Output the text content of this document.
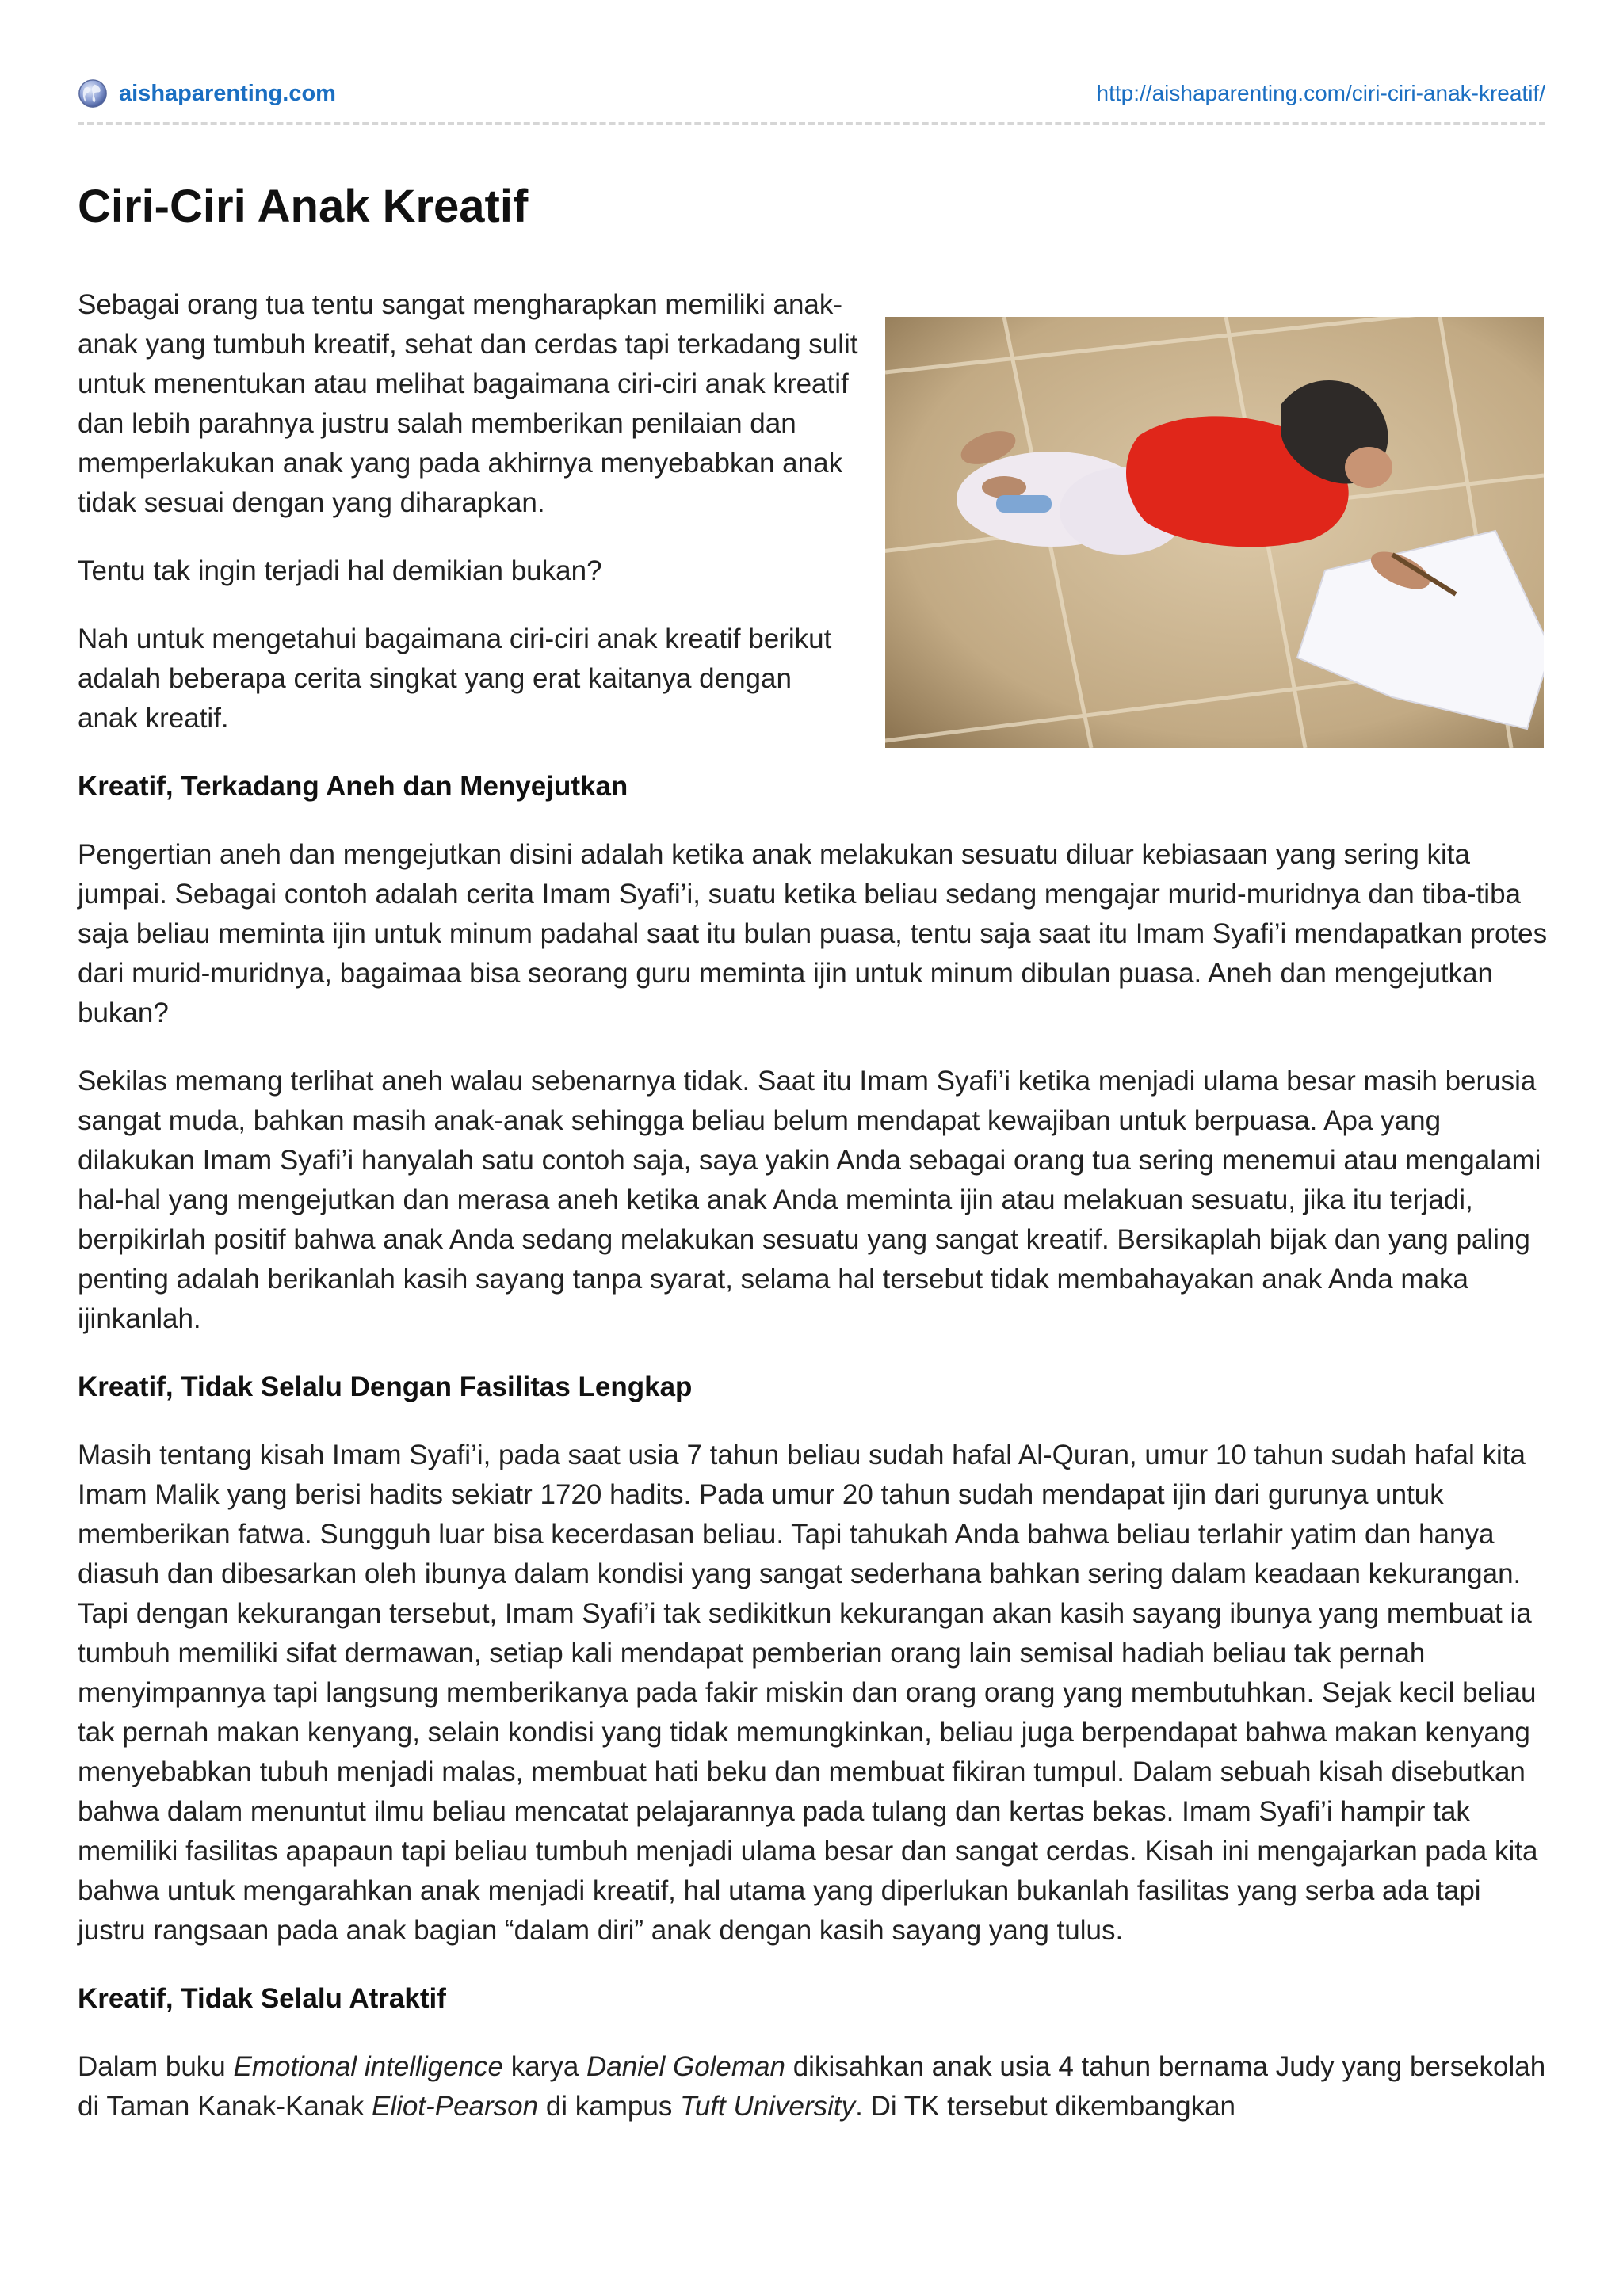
aishaparenting.com	http://aishaparenting.com/ciri-ciri-anak-kreatif/
Ciri-Ciri Anak Kreatif

Sebagai orang tua tentu sangat mengharapkan memiliki anak-anak yang tumbuh kreatif, sehat dan cerdas tapi terkadang sulit untuk menentukan atau melihat bagaimana ciri-ciri anak kreatif dan lebih parahnya justru salah memberikan penilaian dan memperlakukan anak yang pada akhirnya menyebabkan anak tidak sesuai dengan yang diharapkan.

Tentu tak ingin terjadi hal demikian bukan?

Nah untuk mengetahui bagaimana ciri-ciri anak kreatif berikut adalah beberapa cerita singkat yang erat kaitanya dengan anak kreatif.

Kreatif, Terkadang Aneh dan Menyejutkan

Pengertian aneh dan mengejutkan disini adalah ketika anak melakukan sesuatu diluar kebiasaan yang sering kita jumpai. Sebagai contoh adalah cerita Imam Syafi’i, suatu ketika beliau sedang mengajar murid-muridnya dan tiba-tiba saja beliau meminta ijin untuk minum padahal saat itu bulan puasa, tentu saja saat itu Imam Syafi’i mendapatkan protes dari murid-muridnya, bagaimaa bisa seorang guru meminta ijin untuk minum dibulan puasa. Aneh dan mengejutkan bukan?

Sekilas memang terlihat aneh walau sebenarnya tidak. Saat itu Imam Syafi’i ketika menjadi ulama besar masih berusia sangat muda, bahkan masih anak-anak sehingga beliau belum mendapat kewajiban untuk berpuasa. Apa yang dilakukan Imam Syafi’i hanyalah satu contoh saja, saya yakin Anda sebagai orang tua sering menemui atau mengalami hal-hal yang mengejutkan dan merasa aneh ketika anak Anda meminta ijin atau melakuan sesuatu, jika itu terjadi, berpikirlah positif bahwa anak Anda sedang melakukan sesuatu yang sangat kreatif. Bersikaplah bijak dan yang paling penting adalah berikanlah kasih sayang tanpa syarat, selama hal tersebut tidak membahayakan anak Anda maka ijinkanlah.

Kreatif, Tidak Selalu Dengan Fasilitas Lengkap

Masih tentang kisah Imam Syafi’i, pada saat usia 7 tahun beliau sudah hafal Al-Quran, umur 10 tahun sudah hafal kita Imam Malik yang berisi hadits sekiatr 1720 hadits. Pada umur 20 tahun sudah mendapat ijin dari gurunya untuk memberikan fatwa. Sungguh luar bisa kecerdasan beliau. Tapi tahukah Anda bahwa beliau terlahir yatim dan hanya diasuh dan dibesarkan oleh ibunya dalam kondisi yang sangat sederhana bahkan sering dalam keadaan kekurangan. Tapi dengan kekurangan tersebut, Imam Syafi’i tak sedikitkun kekurangan akan kasih sayang ibunya yang membuat ia tumbuh memiliki sifat dermawan, setiap kali mendapat pemberian orang lain semisal hadiah beliau tak pernah menyimpannya tapi langsung memberikanya pada fakir miskin dan orang orang yang membutuhkan. Sejak kecil beliau tak pernah makan kenyang, selain kondisi yang tidak memungkinkan, beliau juga berpendapat bahwa makan kenyang menyebabkan tubuh menjadi malas, membuat hati beku dan membuat fikiran tumpul. Dalam sebuah kisah disebutkan bahwa dalam menuntut ilmu beliau mencatat pelajarannya pada tulang dan kertas bekas. Imam Syafi’i hampir tak memiliki fasilitas apapaun tapi beliau tumbuh menjadi ulama besar dan sangat cerdas. Kisah ini mengajarkan pada kita bahwa untuk mengarahkan anak menjadi kreatif, hal utama yang diperlukan bukanlah fasilitas yang serba ada tapi justru rangsaan pada anak bagian “dalam diri” anak dengan kasih sayang yang tulus.

Kreatif, Tidak Selalu Atraktif

Dalam buku Emotional intelligence karya Daniel Goleman dikisahkan anak usia 4 tahun bernama Judy yang bersekolah di Taman Kanak-Kanak Eliot-Pearson di kampus Tuft University. Di TK tersebut dikembangkan
